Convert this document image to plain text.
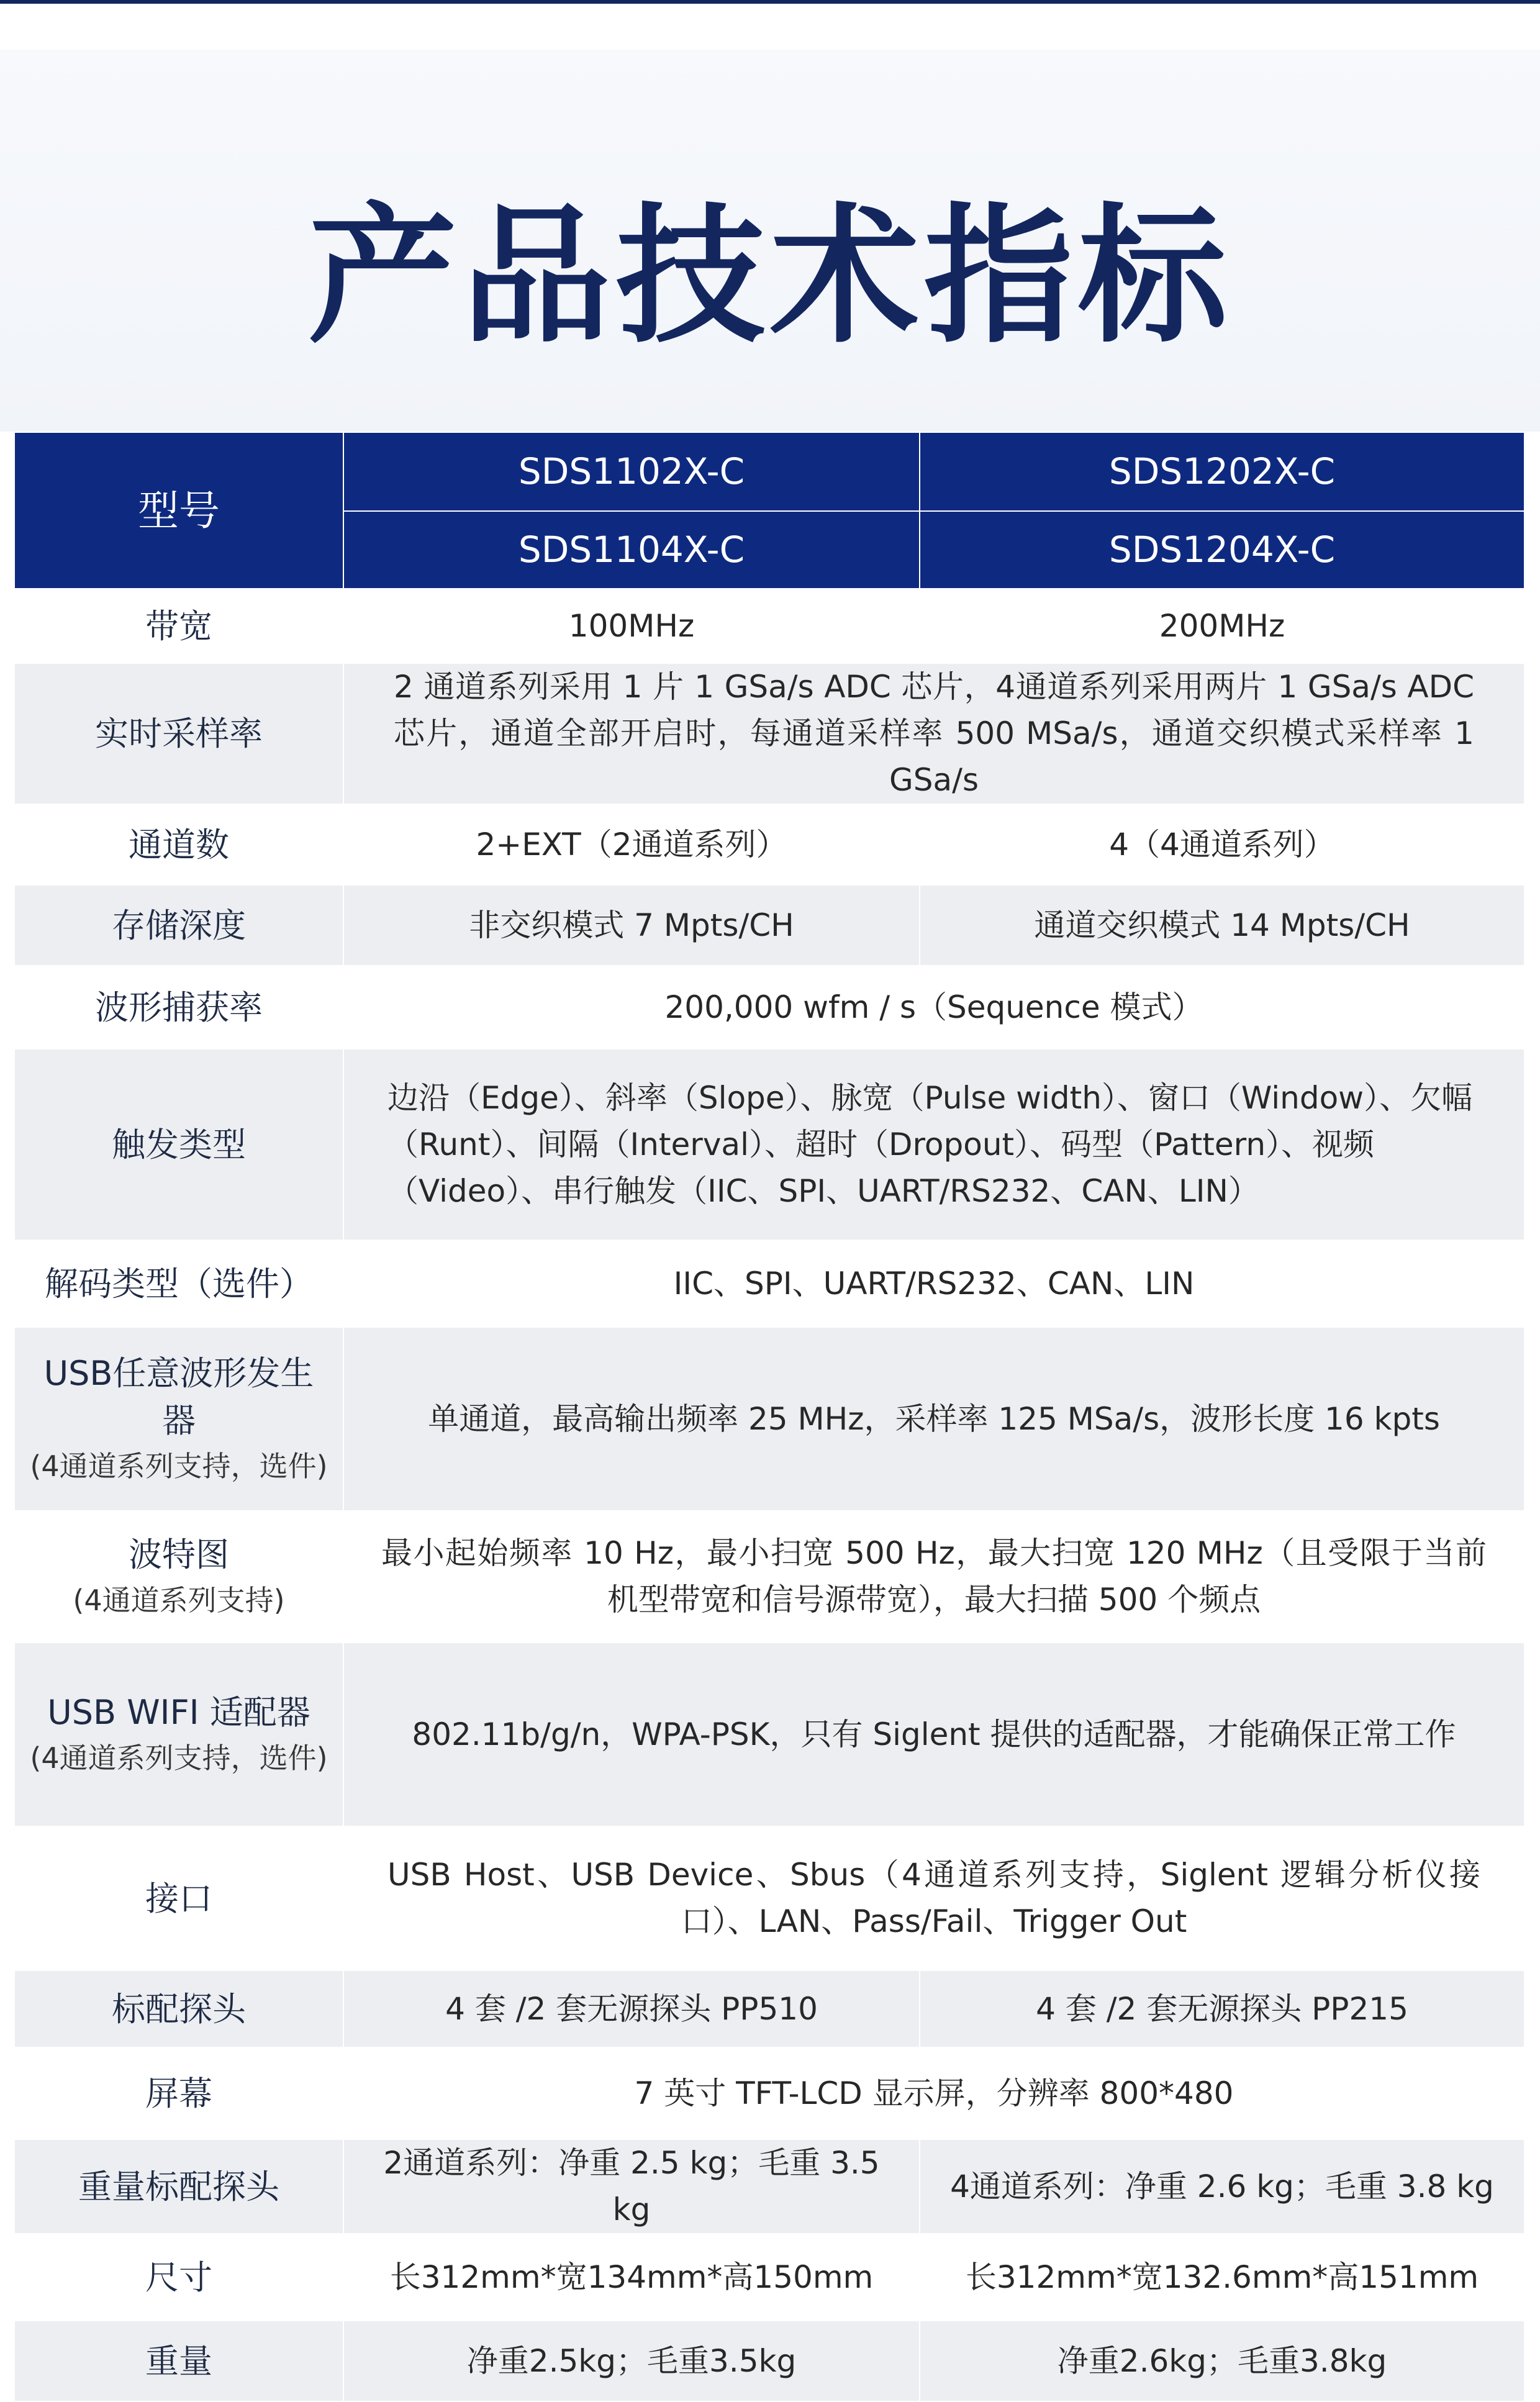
产品技术指标
型号	SDS1102X-C	SDS1202X-C
	SDS1104X-C	SDS1204X-C
带宽	100MHz	200MHz
实时采样率	2 通道系列采用 1 片 1 GSa/s ADC 芯片，4通道系列采用两片 1 GSa/s ADC 芯片，通道全部开启时，每通道采样率 500 MSa/s，通道交织模式采样率 1 GSa/s	
通道数	2+EXT（2通道系列）	4（4通道系列）
存储深度	非交织模式 7 Mpts/CH	通道交织模式 14 Mpts/CH
波形捕获率	200,000 wfm / s（Sequence 模式）	
触发类型	边沿（Edge）、斜率（Slope）、脉宽（Pulse width）、窗口（Window）、欠幅（Runt）、间隔（Interval）、超时（Dropout）、码型（Pattern）、视频（Video）、串行触发（IIC、SPI、UART/RS232、CAN、LIN）	
解码类型（选件）	IIC、SPI、UART/RS232、CAN、LIN	

USB任意波形发生器
(4通道系列支持，选件)	单通道，最高输出频率 25 MHz，采样率 125 MSa/s，波形长度 16 kpts	

波特图
(4通道系列支持)	最小起始频率 10 Hz，最小扫宽 500 Hz，最大扫宽 120 MHz（且受限于当前机型带宽和信号源带宽），最大扫描 500 个频点	

USB WIFI 适配器
(4通道系列支持，选件)	802.11b/g/n，WPA-PSK，只有 Siglent 提供的适配器，才能确保正常工作	
接口	USB Host、USB Device、Sbus（4通道系列支持，Siglent 逻辑分析仪接口）、LAN、Pass/Fail、Trigger Out	
标配探头	4 套 /2 套无源探头 PP510	4 套 /2 套无源探头 PP215
屏幕	7 英寸 TFT-LCD 显示屏，分辨率 800*480	
重量标配探头	2通道系列：净重 2.5 kg；毛重 3.5 kg	4通道系列：净重 2.6 kg；毛重 3.8 kg
尺寸	长312mm*宽134mm*高150mm	长312mm*宽132.6mm*高151mm
重量	净重2.5kg；毛重3.5kg	净重2.6kg；毛重3.8kg
